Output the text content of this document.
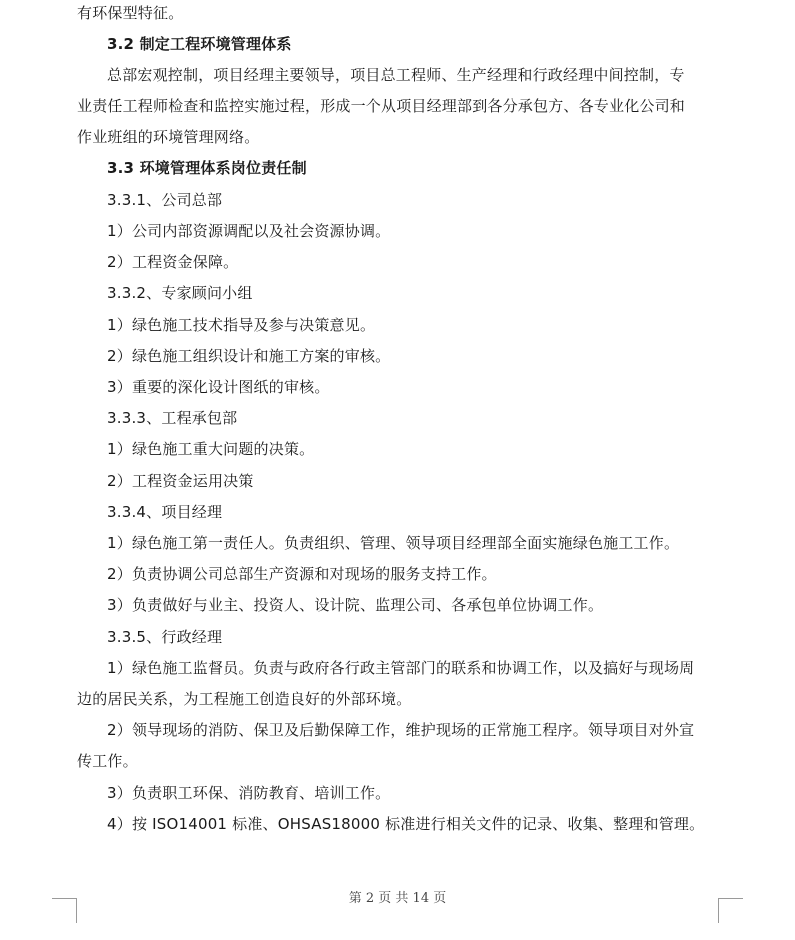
有环保型特征。
3.2 制定工程环境管理体系
总部宏观控制，项目经理主要领导，项目总工程师、生产经理和行政经理中间控制，专
业责任工程师检查和监控实施过程，形成一个从项目经理部到各分承包方、各专业化公司和
作业班组的环境管理网络。
3.3 环境管理体系岗位责任制
3.3.1、公司总部
1）公司内部资源调配以及社会资源协调。
2）工程资金保障。
3.3.2、专家顾问小组
1）绿色施工技术指导及参与决策意见。
2）绿色施工组织设计和施工方案的审核。
3）重要的深化设计图纸的审核。
3.3.3、工程承包部
1）绿色施工重大问题的决策。
2）工程资金运用决策
3.3.4、项目经理
1）绿色施工第一责任人。负责组织、管理、领导项目经理部全面实施绿色施工工作。
2）负责协调公司总部生产资源和对现场的服务支持工作。
3）负责做好与业主、投资人、设计院、监理公司、各承包单位协调工作。
3.3.5、行政经理
1）绿色施工监督员。负责与政府各行政主管部门的联系和协调工作，以及搞好与现场周
边的居民关系，为工程施工创造良好的外部环境。
2）领导现场的消防、保卫及后勤保障工作，维护现场的正常施工程序。领导项目对外宣
传工作。
3）负责职工环保、消防教育、培训工作。
4）按 ISO14001 标准、OHSAS18000 标准进行相关文件的记录、收集、整理和管理。
第 2 页 共 14 页
